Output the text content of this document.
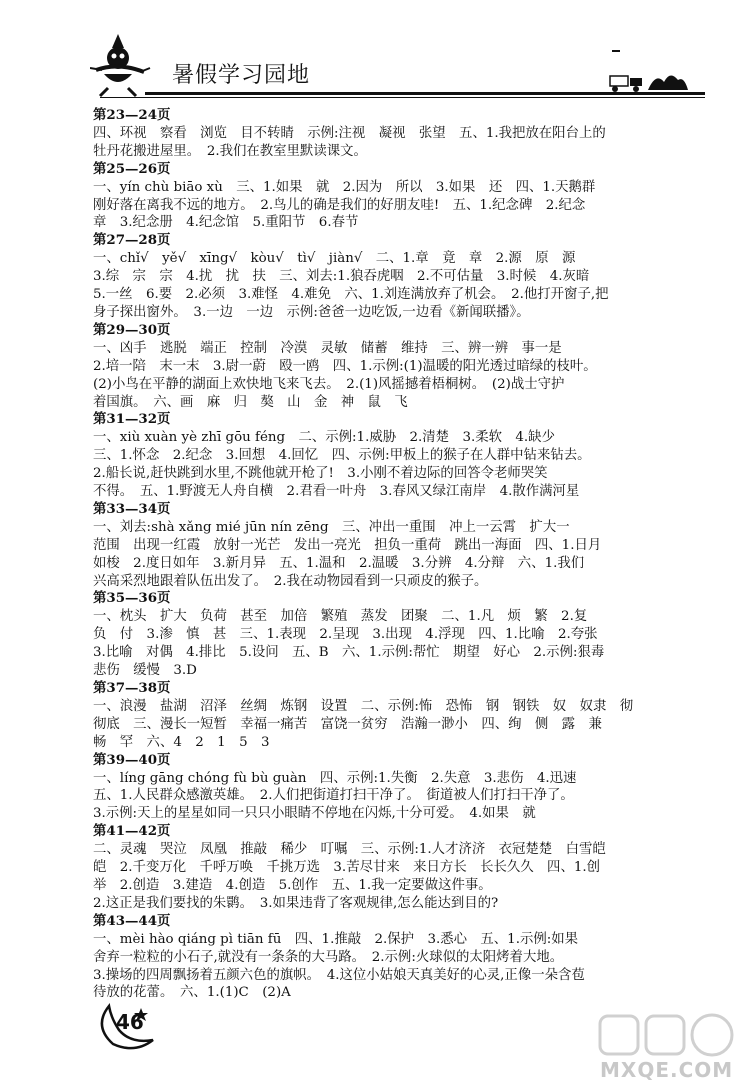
暑假学习园地
第23—24页
四、环视　察看　浏览　目不转睛　示例:注视　凝视　张望　五、1.我把放在阳台上的
牡丹花搬进屋里。　2.我们在教室里默读课文。
第25—26页
一、yín chù biāo xù　三、1.如果　就　2.因为　所以　3.如果　还　四、1.天鹅群
刚好落在离我不远的地方。　2.鸟儿的确是我们的好朋友哇!　五、1.纪念碑　2.纪念
章　3.纪念册　4.纪念馆　5.重阳节　6.春节
第27—28页
一、chǐ√　yě√　xīng√　kòu√　tì√　jiàn√　二、1.章　竟　章　2.源　原　源
3.综　宗　宗　4.扰　扰　扶　三、刘去:1.狼吞虎咽　2.不可估量　3.时候　4.灰暗
5.一丝　6.要　2.必须　3.难怪　4.难免　六、1.刘连满放弃了机会。　2.他打开窗子,把
身子探出窗外。　3.一边　一边　示例:爸爸一边吃饭,一边看《新闻联播》。
第29—30页
一、凶手　逃脱　端正　控制　冷漠　灵敏　储蓄　维持　三、辨一辨　事一是
2.培一陪　末一末　3.尉一蔚　殴一鸥　四、1.示例:(1)温暖的阳光透过暗绿的枝叶。
(2)小鸟在平静的湖面上欢快地飞来飞去。　2.(1)风摇撼着梧桐树。　(2)战士守护
着国旗。　六、画　麻　归　獒　山　金　神　鼠　飞
第31—32页
一、xiù xuàn yè zhī gōu féng　二、示例:1.威胁　2.清楚　3.柔软　4.缺少
三、1.怀念　2.纪念　3.回想　4.回忆　四、示例:甲板上的猴子在人群中钻来钻去。
2.船长说,赶快跳到水里,不跳他就开枪了!　3.小刚不着边际的回答令老师哭笑
不得。　五、1.野渡无人舟自横　2.君看一叶舟　3.春风又绿江南岸　4.散作满河星
第33—34页
一、刘去:shà xǎng mié jūn nín zēng　三、冲出一重围　冲上一云霄　扩大一
范围　出现一红霞　放射一光芒　发出一亮光　担负一重荷　跳出一海面　四、1.日月
如梭　2.度日如年　3.新月异　五、1.温和　2.温暖　3.分辨　4.分辩　六、1.我们
兴高采烈地跟着队伍出发了。　2.我在动物园看到一只顽皮的猴子。
第35—36页
一、枕头　扩大　负荷　甚至　加倍　繁殖　蒸发　团聚　二、1.凡　烦　繁　2.复
负　付　3.渗　慎　甚　三、1.表现　2.呈现　3.出现　4.浮现　四、1.比喻　2.夸张
3.比喻　对偶　4.排比　5.设问　五、B　六、1.示例:帮忙　期望　好心　2.示例:狠毒
悲伤　缓慢　3.D
第37—38页
一、浪漫　盐湖　沼泽　丝绸　炼钢　设置　二、示例:怖　恐怖　钢　钢铁　奴　奴隶　彻
彻底　三、漫长一短暂　幸福一痛苦　富饶一贫穷　浩瀚一渺小　四、绚　侧　露　兼
畅　罕　六、4　2　1　5　3
第39—40页
一、líng gāng chóng fù bù guàn　四、示例:1.失衡　2.失意　3.悲伤　4.迅速
五、1.人民群众感激英雄。　2.人们把街道打扫干净了。　街道被人们打扫干净了。
3.示例:天上的星星如同一只只小眼睛不停地在闪烁,十分可爱。　4.如果　就
第41—42页
二、灵魂　哭泣　凤凰　推敲　稀少　叮嘱　三、示例:1.人才济济　衣冠楚楚　白雪皑
皑　2.千变万化　千呼万唤　千挑万选　3.苦尽甘来　来日方长　长长久久　四、1.创
举　2.创造　3.建造　4.创造　5.创作　五、1.我一定要做这件事。
2.这正是我们要找的朱鹮。　3.如果违背了客观规律,怎么能达到目的?
第43—44页
一、mèi hào qiáng pì tiān fū　四、1.推敲　2.保护　3.悉心　五、1.示例:如果
舍弃一粒粒的小石子,就没有一条条的大马路。　2.示例:火球似的太阳烤着大地。
3.操场的四周飘扬着五颜六色的旗帜。　4.这位小姑娘天真美好的心灵,正像一朵含苞
待放的花蕾。　六、1.(1)C　(2)A
46
MXQE.COM
